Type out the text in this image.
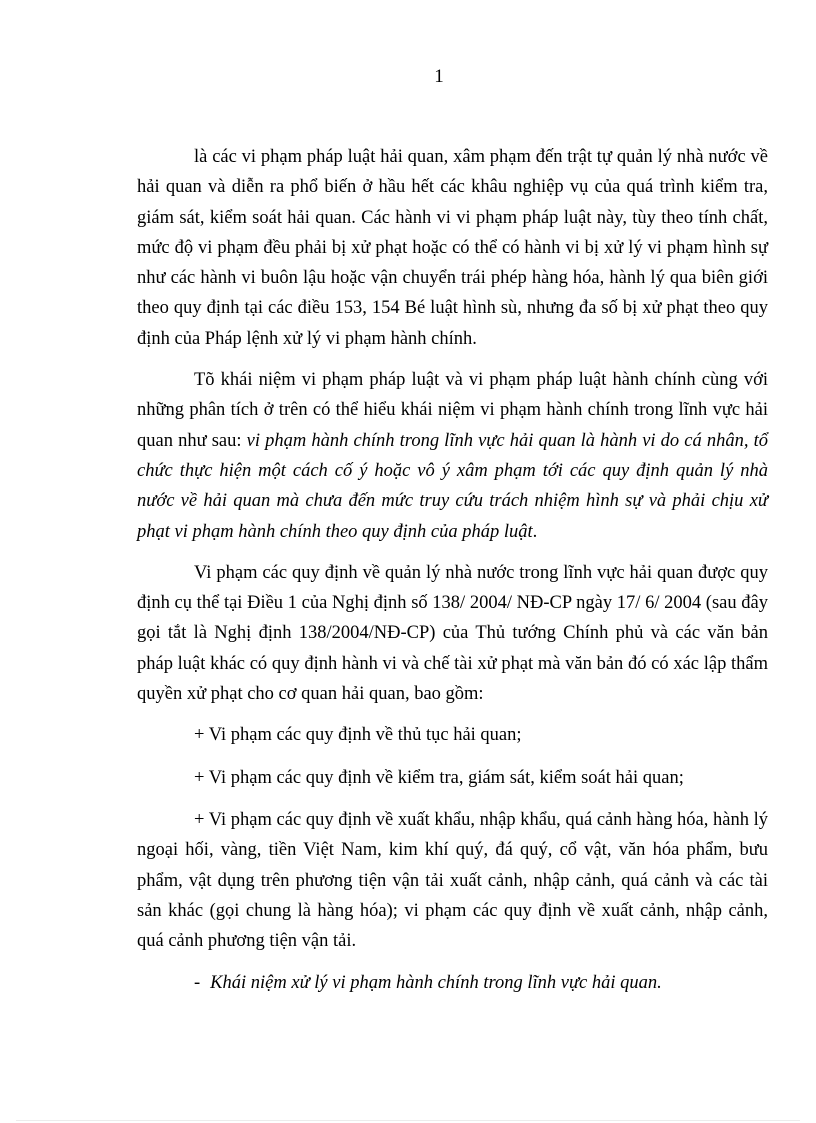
1

là các vi phạm pháp luật hải quan, xâm phạm đến trật tự quản lý nhà nước về hải quan và diễn ra phổ biến ở hầu hết các khâu nghiệp vụ của quá trình kiểm tra, giám sát, kiểm soát hải quan. Các hành vi vi phạm pháp luật này, tùy theo tính chất, mức độ vi phạm đều phải bị xử phạt hoặc có thể có hành vi bị xử lý vi phạm hình sự như các hành vi buôn lậu hoặc vận chuyển trái phép hàng hóa, hành lý qua biên giới theo quy định tại các điều 153, 154 Bé luật hình sù, nhưng đa số bị xử phạt theo quy định của Pháp lệnh xử lý vi phạm hành chính.

Tõ khái niệm vi phạm pháp luật và vi phạm pháp luật hành chính cùng với những phân tích ở trên có thể hiểu khái niệm vi phạm hành chính trong lĩnh vực hải quan như sau: vi phạm hành chính trong lĩnh vực hải quan là hành vi do cá nhân, tổ chức thực hiện một cách cố ý hoặc vô ý xâm phạm tới các quy định quản lý nhà nước về hải quan mà chưa đến mức truy cứu trách nhiệm hình sự và phải chịu xử phạt vi phạm hành chính theo quy định của pháp luật.

Vi phạm các quy định về quản lý nhà nước trong lĩnh vực hải quan được quy định cụ thể tại Điều 1 của Nghị định số 138/ 2004/ NĐ-CP ngày 17/ 6/ 2004 (sau đây gọi tắt là Nghị định 138/2004/NĐ-CP) của Thủ tướng Chính phủ và các văn bản pháp luật khác có quy định hành vi và chế tài xử phạt mà văn bản đó có xác lập thẩm quyền xử phạt cho cơ quan hải quan, bao gồm:

+ Vi phạm các quy định về thủ tục hải quan;

+ Vi phạm các quy định về kiểm tra, giám sát, kiểm soát hải quan;

+ Vi phạm các quy định về xuất khẩu, nhập khẩu, quá cảnh hàng hóa, hành lý ngoại hối, vàng, tiền Việt Nam, kim khí quý, đá quý, cổ vật, văn hóa phẩm, bưu phẩm, vật dụng trên phương tiện vận tải xuất cảnh, nhập cảnh, quá cảnh và các tài sản khác (gọi chung là hàng hóa); vi phạm các quy định về xuất cảnh, nhập cảnh, quá cảnh phương tiện vận tải.

- Khái niệm xử lý vi phạm hành chính trong lĩnh vực hải quan.
